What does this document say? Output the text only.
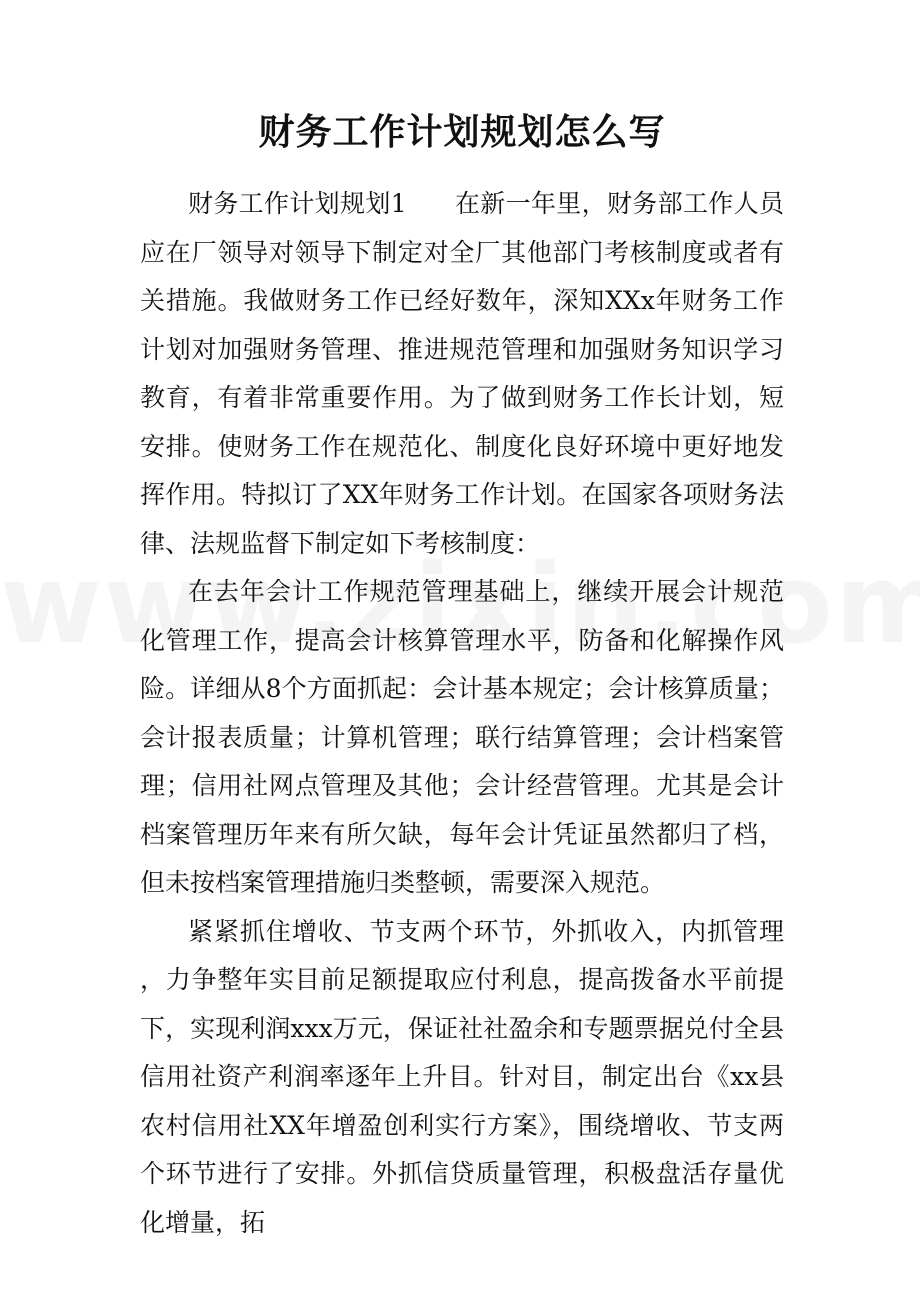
财务工作计划规划怎么写

财务工作计划规划1 在新一年里，财务部工作人员应在厂领导对领导下制定对全厂其他部门考核制度或者有关措施。我做财务工作已经好数年，深知XXx年财务工作计划对加强财务管理、推进规范管理和加强财务知识学习教育，有着非常重要作用。为了做到财务工作长计划，短安排。使财务工作在规范化、制度化良好环境中更好地发挥作用。特拟订了XX年财务工作计划。在国家各项财务法律、法规监督下制定如下考核制度：

在去年会计工作规范管理基础上，继续开展会计规范化管理工作，提高会计核算管理水平，防备和化解操作风险。详细从8个方面抓起：会计基本规定；会计核算质量；会计报表质量；计算机管理；联行结算管理；会计档案管理；信用社网点管理及其他；会计经营管理。尤其是会计档案管理历年来有所欠缺，每年会计凭证虽然都归了档，但未按档案管理措施归类整顿，需要深入规范。

紧紧抓住增收、节支两个环节，外抓收入，内抓管理，力争整年实目前足额提取应付利息，提高拨备水平前提下，实现利润xxx万元，保证社社盈余和专题票据兑付全县信用社资产利润率逐年上升目。针对目，制定出台《xx县农村信用社XX年增盈创利实行方案》，围绕增收、节支两个环节进行了安排。外抓信贷质量管理，积极盘活存量优化增量，拓
